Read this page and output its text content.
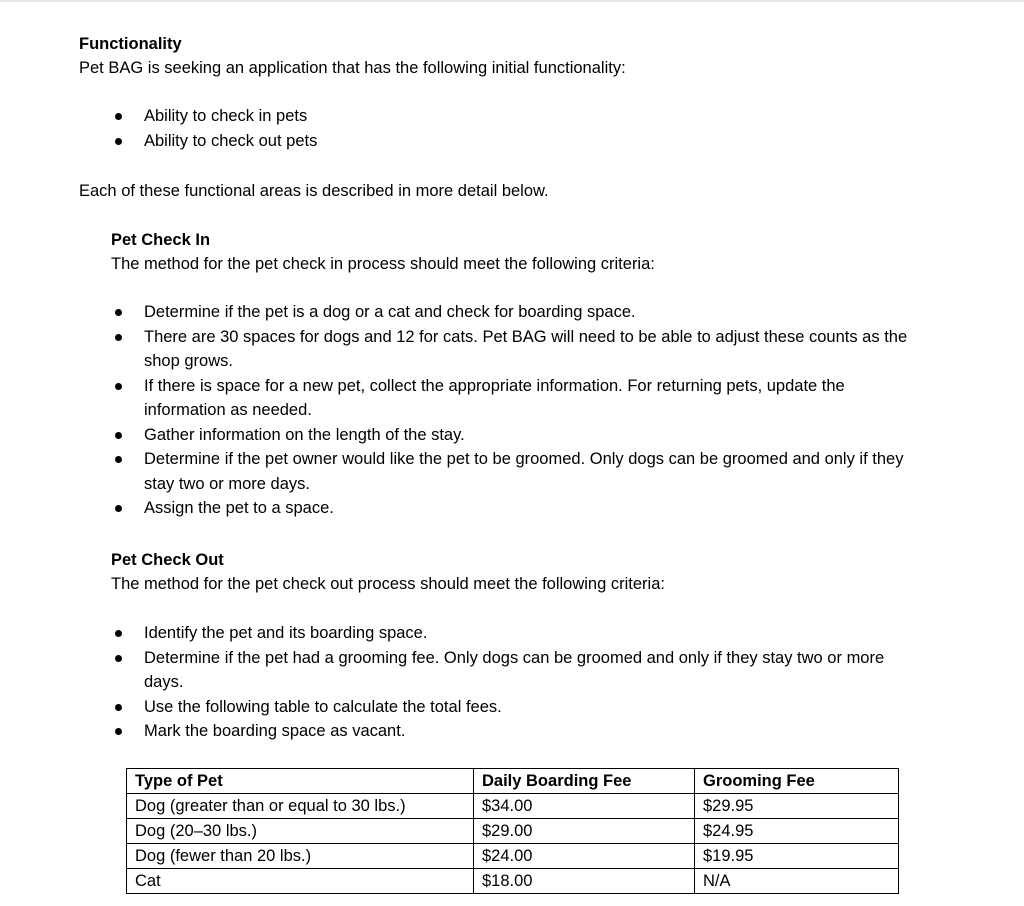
Functionality
Pet BAG is seeking an application that has the following initial functionality:
Ability to check in pets
Ability to check out pets
Each of these functional areas is described in more detail below.
Pet Check In
The method for the pet check in process should meet the following criteria:
Determine if the pet is a dog or a cat and check for boarding space.
There are 30 spaces for dogs and 12 for cats. Pet BAG will need to be able to adjust these counts as the shop grows.
If there is space for a new pet, collect the appropriate information. For returning pets, update the information as needed.
Gather information on the length of the stay.
Determine if the pet owner would like the pet to be groomed. Only dogs can be groomed and only if they stay two or more days.
Assign the pet to a space.
Pet Check Out
The method for the pet check out process should meet the following criteria:
Identify the pet and its boarding space.
Determine if the pet had a grooming fee. Only dogs can be groomed and only if they stay two or more days.
Use the following table to calculate the total fees.
Mark the boarding space as vacant.
Type of Pet	Daily Boarding Fee	Grooming Fee
Dog (greater than or equal to 30 lbs.)	$34.00	$29.95
Dog (20–30 lbs.)	$29.00	$24.95
Dog (fewer than 20 lbs.)	$24.00	$19.95
Cat	$18.00	N/A
